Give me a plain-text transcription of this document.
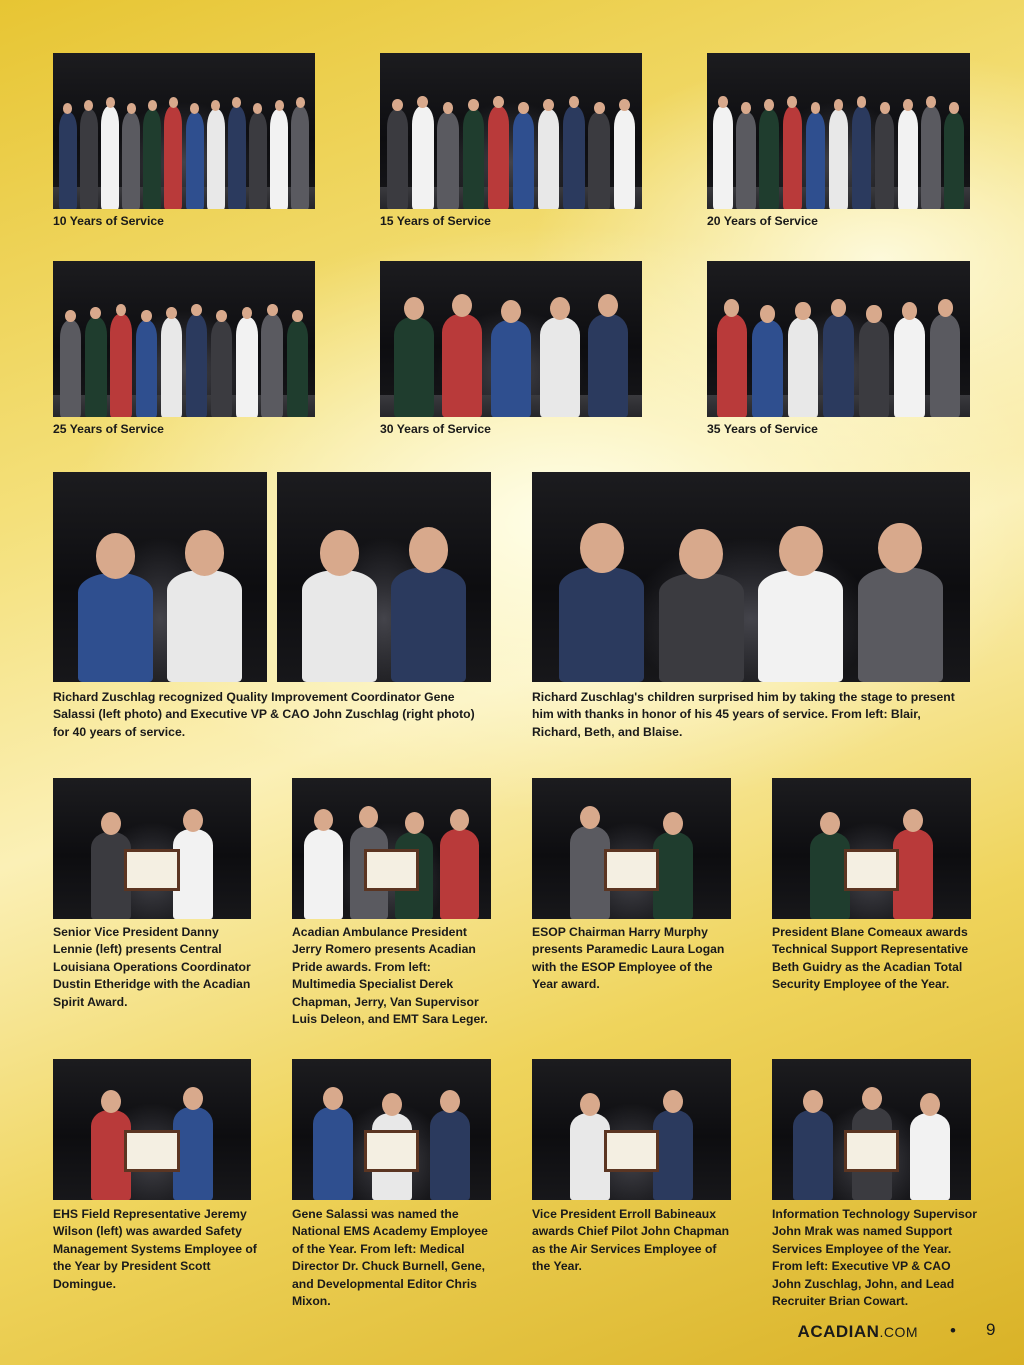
10 Years of Service	15 Years of Service	20 Years of Service

25 Years of Service	30 Years of Service	35 Years of Service

Richard Zuschlag recognized Quality Improvement Coordinator Gene Salassi (left photo) and Executive VP & CAO John Zuschlag (right photo) for 40 years of service.

Richard Zuschlag's children surprised him by taking the stage to present him with thanks in honor of his 45 years of service. From left: Blair, Richard, Beth, and Blaise.

Senior Vice President Danny Lennie (left) presents Central Louisiana Operations Coordinator Dustin Etheridge with the Acadian Spirit Award.

Acadian Ambulance President Jerry Romero presents Acadian Pride awards. From left: Multimedia Specialist Derek Chapman, Jerry, Van Supervisor Luis Deleon, and EMT Sara Leger.

ESOP Chairman Harry Murphy presents Paramedic Laura Logan with the ESOP Employee of the Year award.

President Blane Comeaux awards Technical Support Representative Beth Guidry as the Acadian Total Security Employee of the Year.

EHS Field Representative Jeremy Wilson (left) was awarded Safety Management Systems Employee of the Year by President Scott Domingue.

Gene Salassi was named the National EMS Academy Employee of the Year. From left: Medical Director Dr. Chuck Burnell, Gene, and Developmental Editor Chris Mixon.

Vice President Erroll Babineaux awards Chief Pilot John Chapman as the Air Services Employee of the Year.

Information Technology Supervisor John Mrak was named Support Services Employee of the Year. From left: Executive VP & CAO John Zuschlag, John, and Lead Recruiter Brian Cowart.

ACADIAN.COM • 9
